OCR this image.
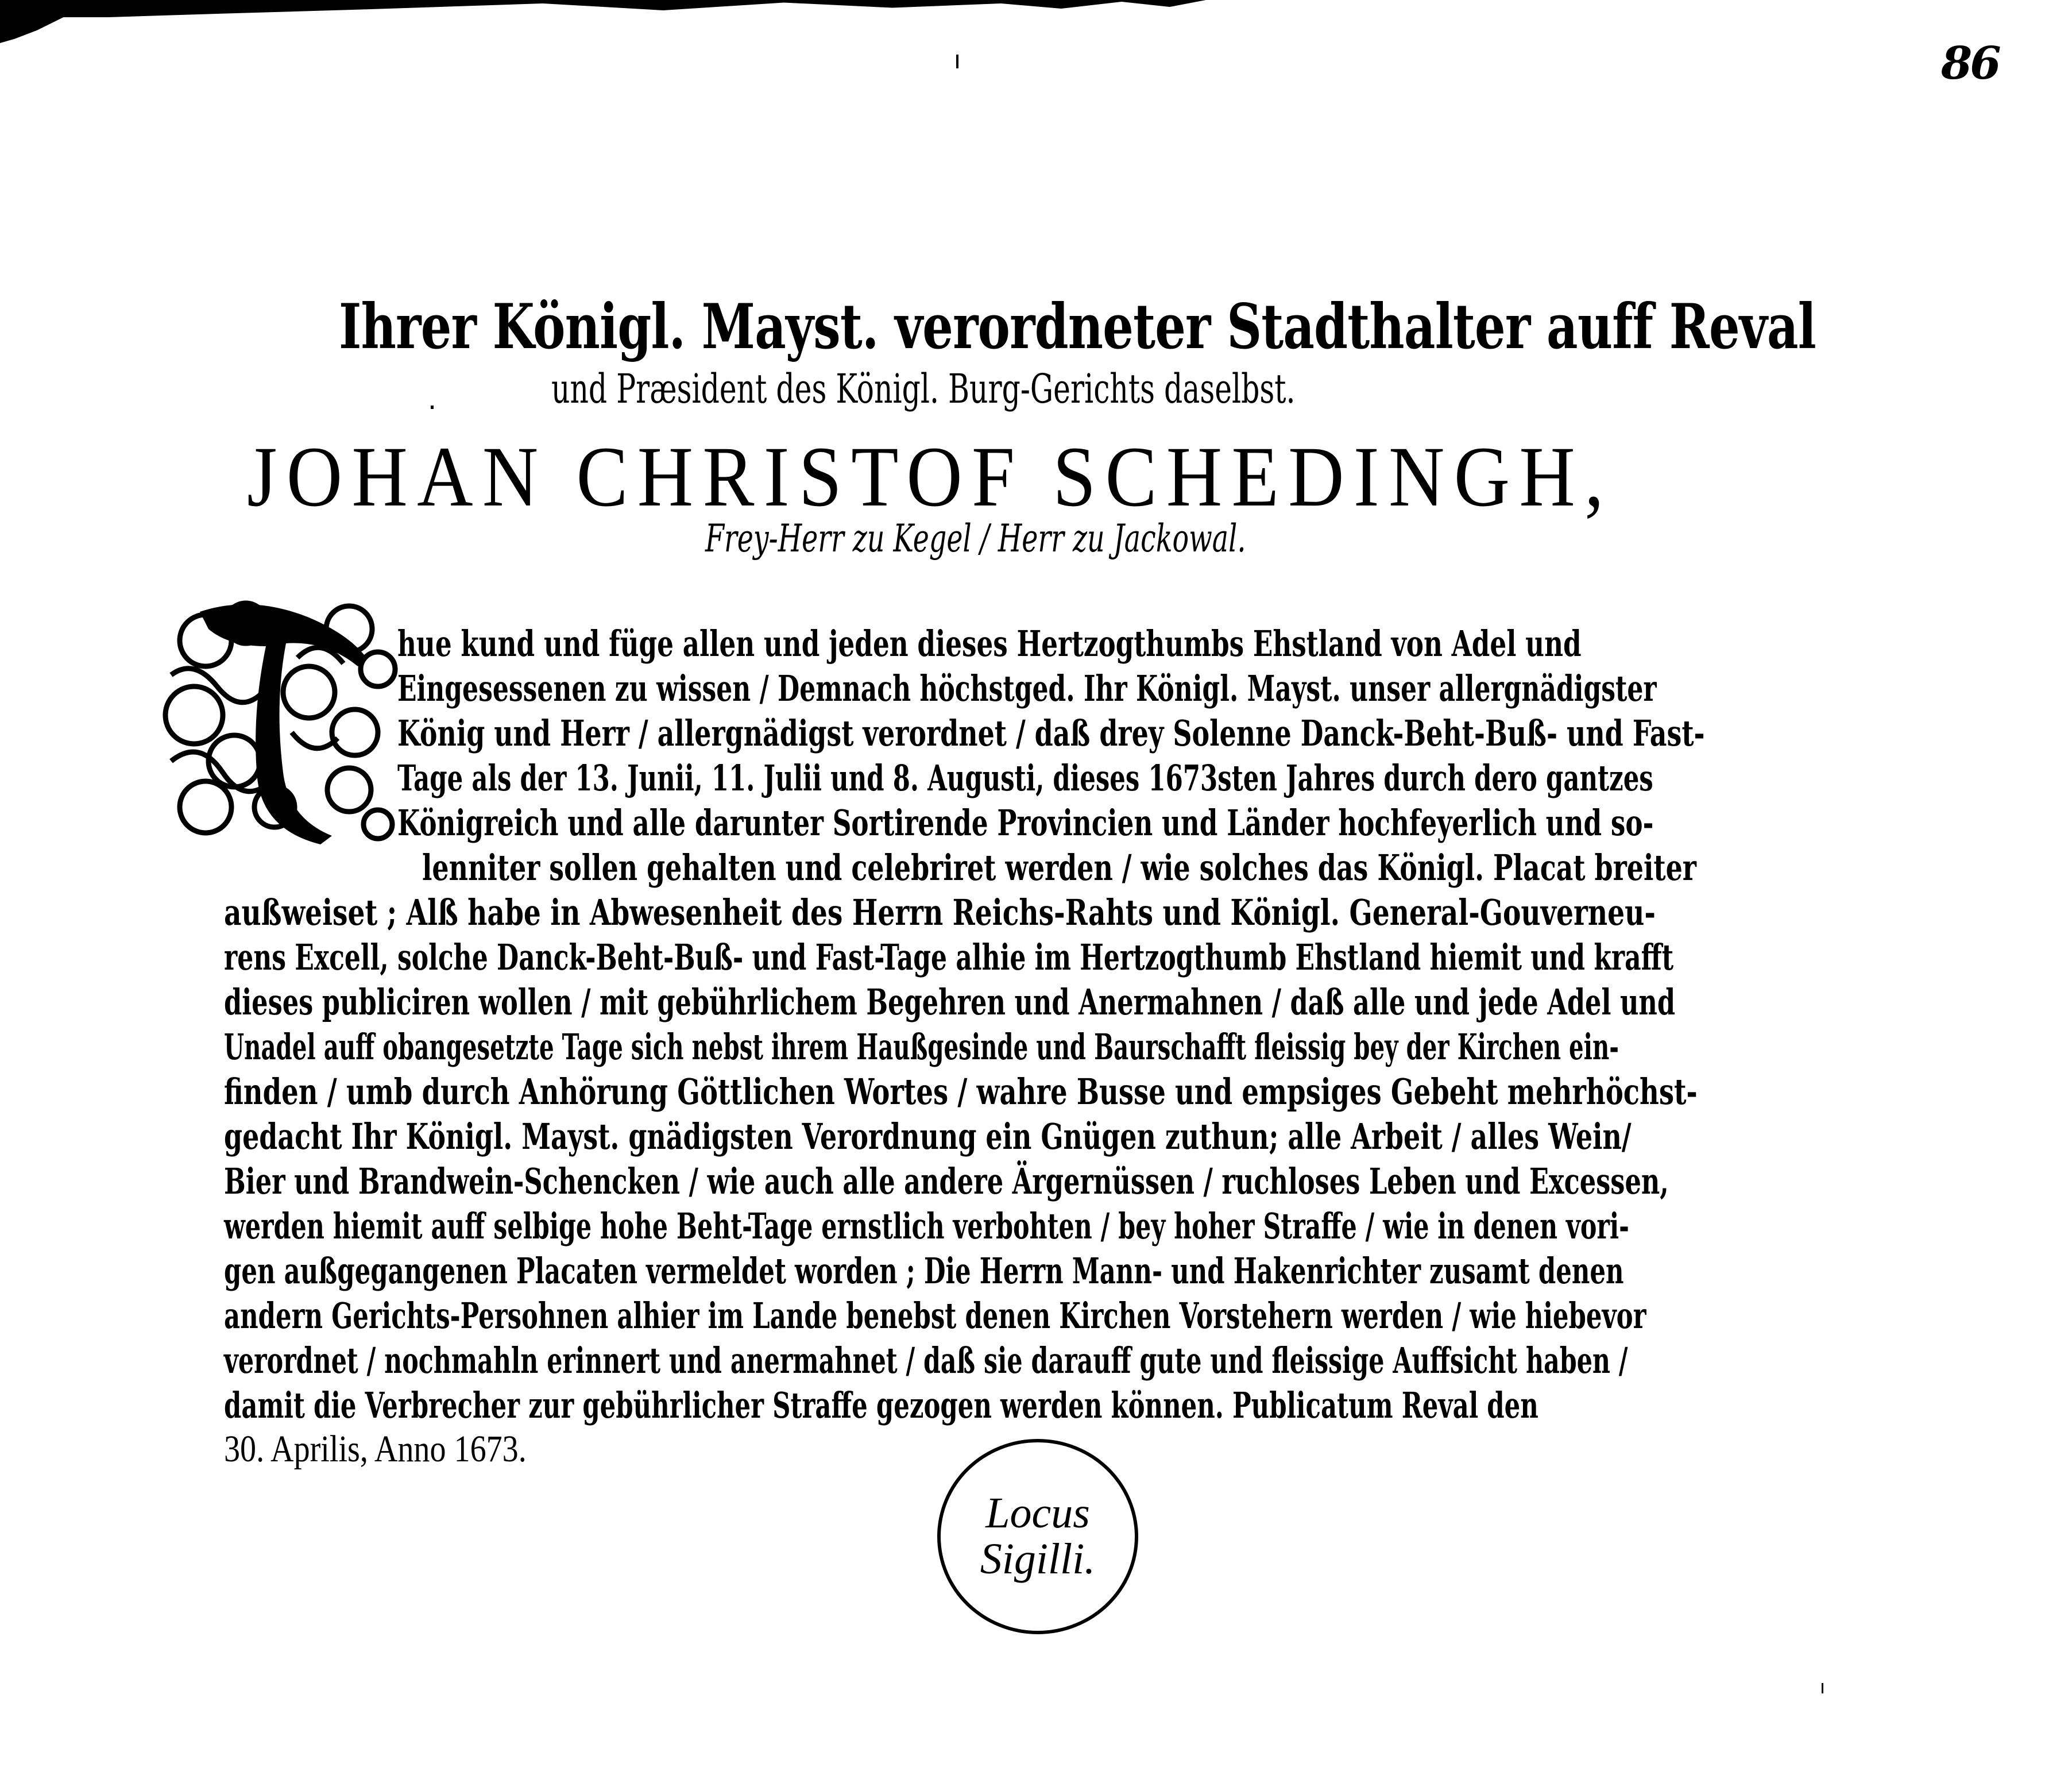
86
Ihrer Königl. Mayst. verordneter Stadthalter auff Reval
und Præsident des Königl. Burg-Gerichts daselbst.
JOHAN CHRISTOF SCHEDINGH,
Frey-Herr zu Kegel / Herr zu Jackowal.
T
hue kund und füge allen und jeden dieses Hertzogthumbs Ehstland von Adel und
Eingesessenen zu wissen / Demnach höchstged. Ihr Königl. Mayst. unser allergnädigster
König und Herr / allergnädigst verordnet / daß drey Solenne Danck-Beht-Buß- und Fast-
Tage als der 13. Junii, 11. Julii und 8. Augusti, dieses 1673sten Jahres durch dero gantzes
Königreich und alle darunter Sortirende Provincien und Länder hochfeyerlich und so-
lenniter sollen gehalten und celebriret werden / wie solches das Königl. Placat breiter
außweiset ; Alß habe in Abwesenheit des Herrn Reichs-Rahts und Königl. General-Gouverneu-
rens Excell, solche Danck-Beht-Buß- und Fast-Tage alhie im Hertzogthumb Ehstland hiemit und krafft
dieses publiciren wollen / mit gebührlichem Begehren und Anermahnen / daß alle und jede Adel und
Unadel auff obangesetzte Tage sich nebst ihrem Haußgesinde und Baurschafft fleissig bey der Kirchen ein-
finden / umb durch Anhörung Göttlichen Wortes / wahre Busse und empsiges Gebeht mehrhöchst-
gedacht Ihr Königl. Mayst. gnädigsten Verordnung ein Gnügen zuthun; alle Arbeit / alles Wein/
Bier und Brandwein-Schencken / wie auch alle andere Ärgernüssen / ruchloses Leben und Excessen,
werden hiemit auff selbige hohe Beht-Tage ernstlich verbohten / bey hoher Straffe / wie in denen vori-
gen außgegangenen Placaten vermeldet worden ; Die Herrn Mann- und Hakenrichter zusamt denen
andern Gerichts-Persohnen alhier im Lande benebst denen Kirchen Vorstehern werden / wie hiebevor
verordnet / nochmahln erinnert und anermahnet / daß sie darauff gute und fleissige Auffsicht haben /
damit die Verbrecher zur gebührlicher Straffe gezogen werden können. Publicatum Reval den
30. Aprilis, Anno 1673.
Locus
Sigilli.
